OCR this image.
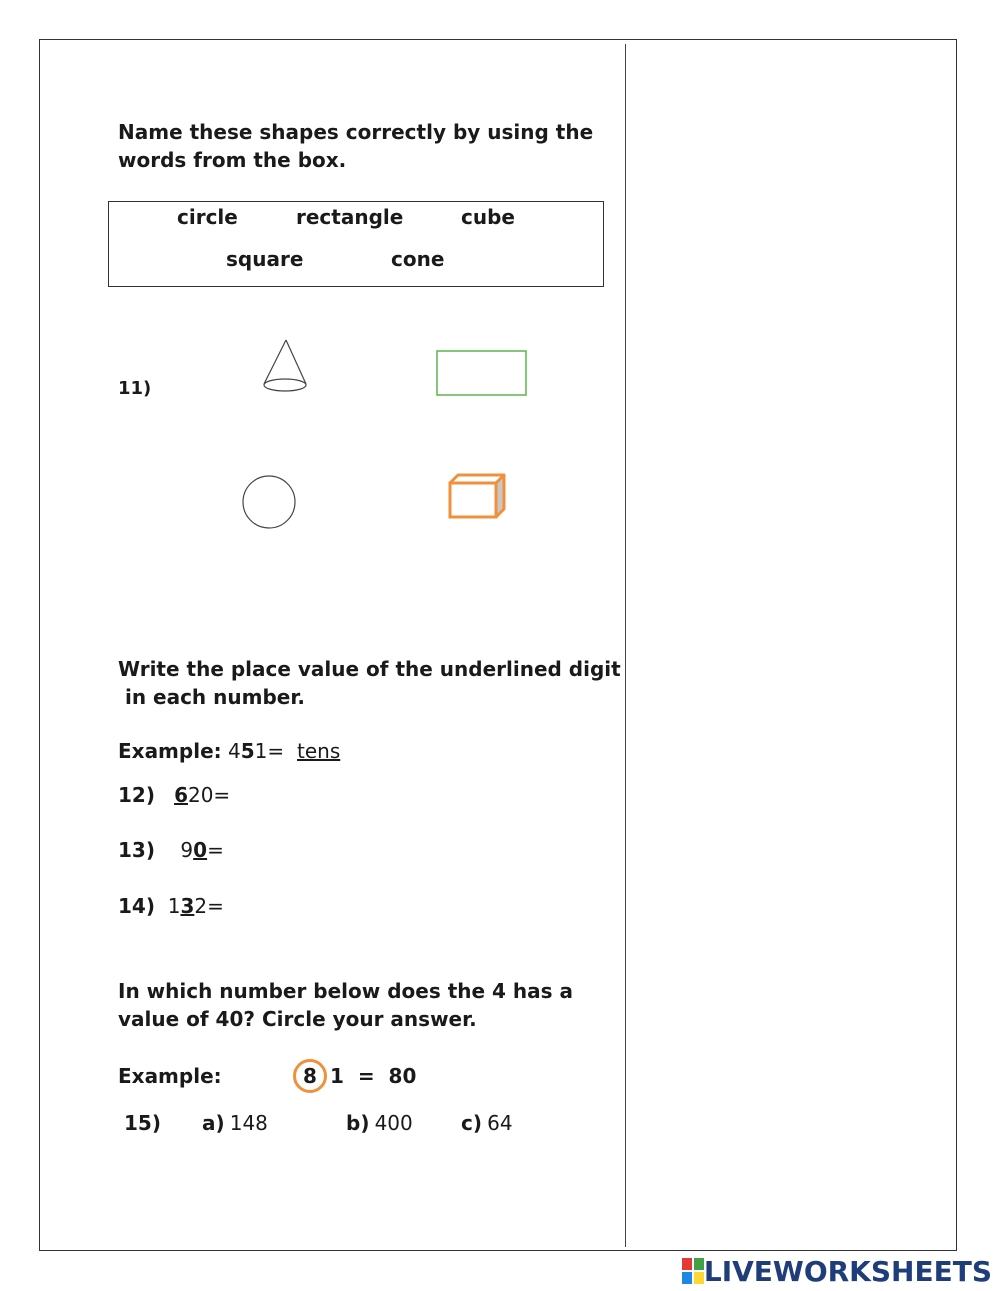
Name these shapes correctly by using the
words from the box.
circle	rectangle	cube
square	cone
11)
Write the place value of the underlined digit
in each number.
Example: 451= tens
12) 620=
13) 90=
14) 132=
In which number below does the 4 has a
value of 40? Circle your answer.
Example:	8 1  =  80
15) a) 148	b) 400 c) 64
LIVEWORKSHEETS
